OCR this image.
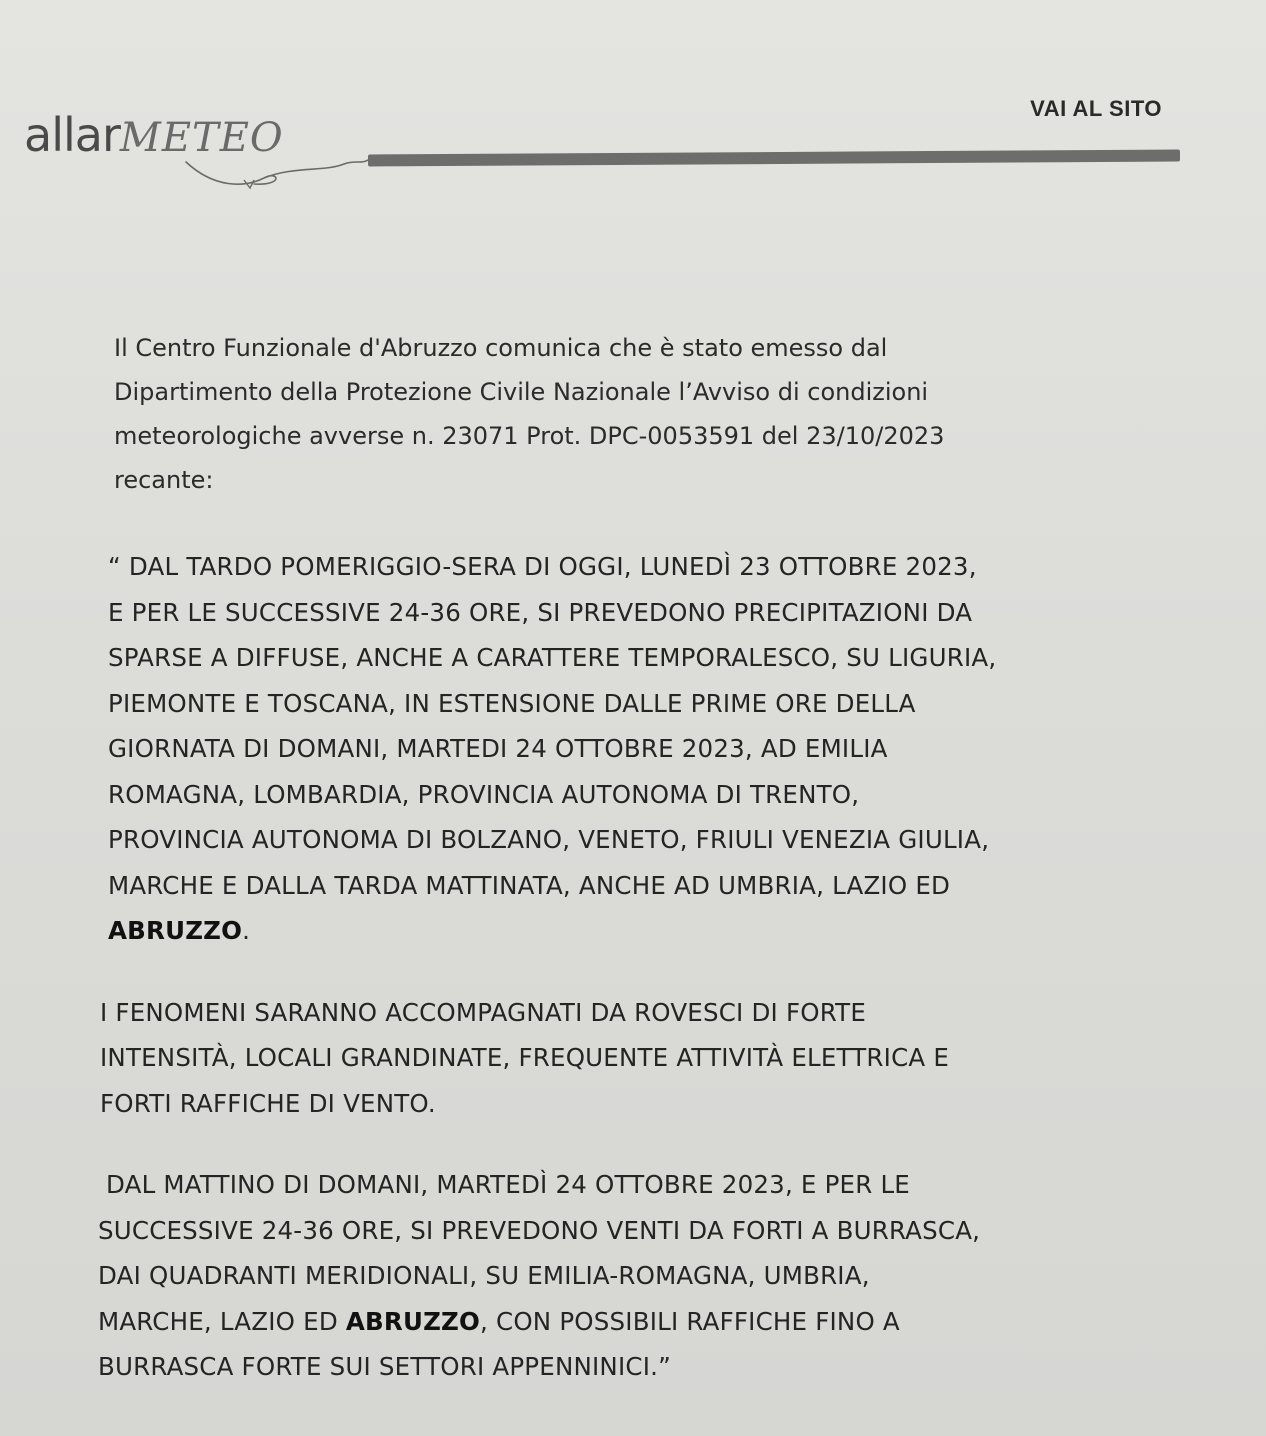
allar METEO
VAI AL SITO

Il Centro Funzionale d'Abruzzo comunica che è stato emesso dal
Dipartimento della Protezione Civile Nazionale l’Avviso di condizioni
meteorologiche avverse n. 23071 Prot. DPC-0053591 del 23/10/2023
recante:

“ DAL TARDO POMERIGGIO-SERA DI OGGI, LUNEDÌ 23 OTTOBRE 2023,
E PER LE SUCCESSIVE 24-36 ORE, SI PREVEDONO PRECIPITAZIONI DA
SPARSE A DIFFUSE, ANCHE A CARATTERE TEMPORALESCO, SU LIGURIA,
PIEMONTE E TOSCANA, IN ESTENSIONE DALLE PRIME ORE DELLA
GIORNATA DI DOMANI, MARTEDI 24 OTTOBRE 2023, AD EMILIA
ROMAGNA, LOMBARDIA, PROVINCIA AUTONOMA DI TRENTO,
PROVINCIA AUTONOMA DI BOLZANO, VENETO, FRIULI VENEZIA GIULIA,
MARCHE E DALLA TARDA MATTINATA, ANCHE AD UMBRIA, LAZIO ED
ABRUZZO.

I FENOMENI SARANNO ACCOMPAGNATI DA ROVESCI DI FORTE
INTENSITÀ, LOCALI GRANDINATE, FREQUENTE ATTIVITÀ ELETTRICA E
FORTI RAFFICHE DI VENTO.

DAL MATTINO DI DOMANI, MARTEDÌ 24 OTTOBRE 2023, E PER LE
SUCCESSIVE 24-36 ORE, SI PREVEDONO VENTI DA FORTI A BURRASCA,
DAI QUADRANTI MERIDIONALI, SU EMILIA-ROMAGNA, UMBRIA,
MARCHE, LAZIO ED ABRUZZO, CON POSSIBILI RAFFICHE FINO A
BURRASCA FORTE SUI SETTORI APPENNINICI.”
